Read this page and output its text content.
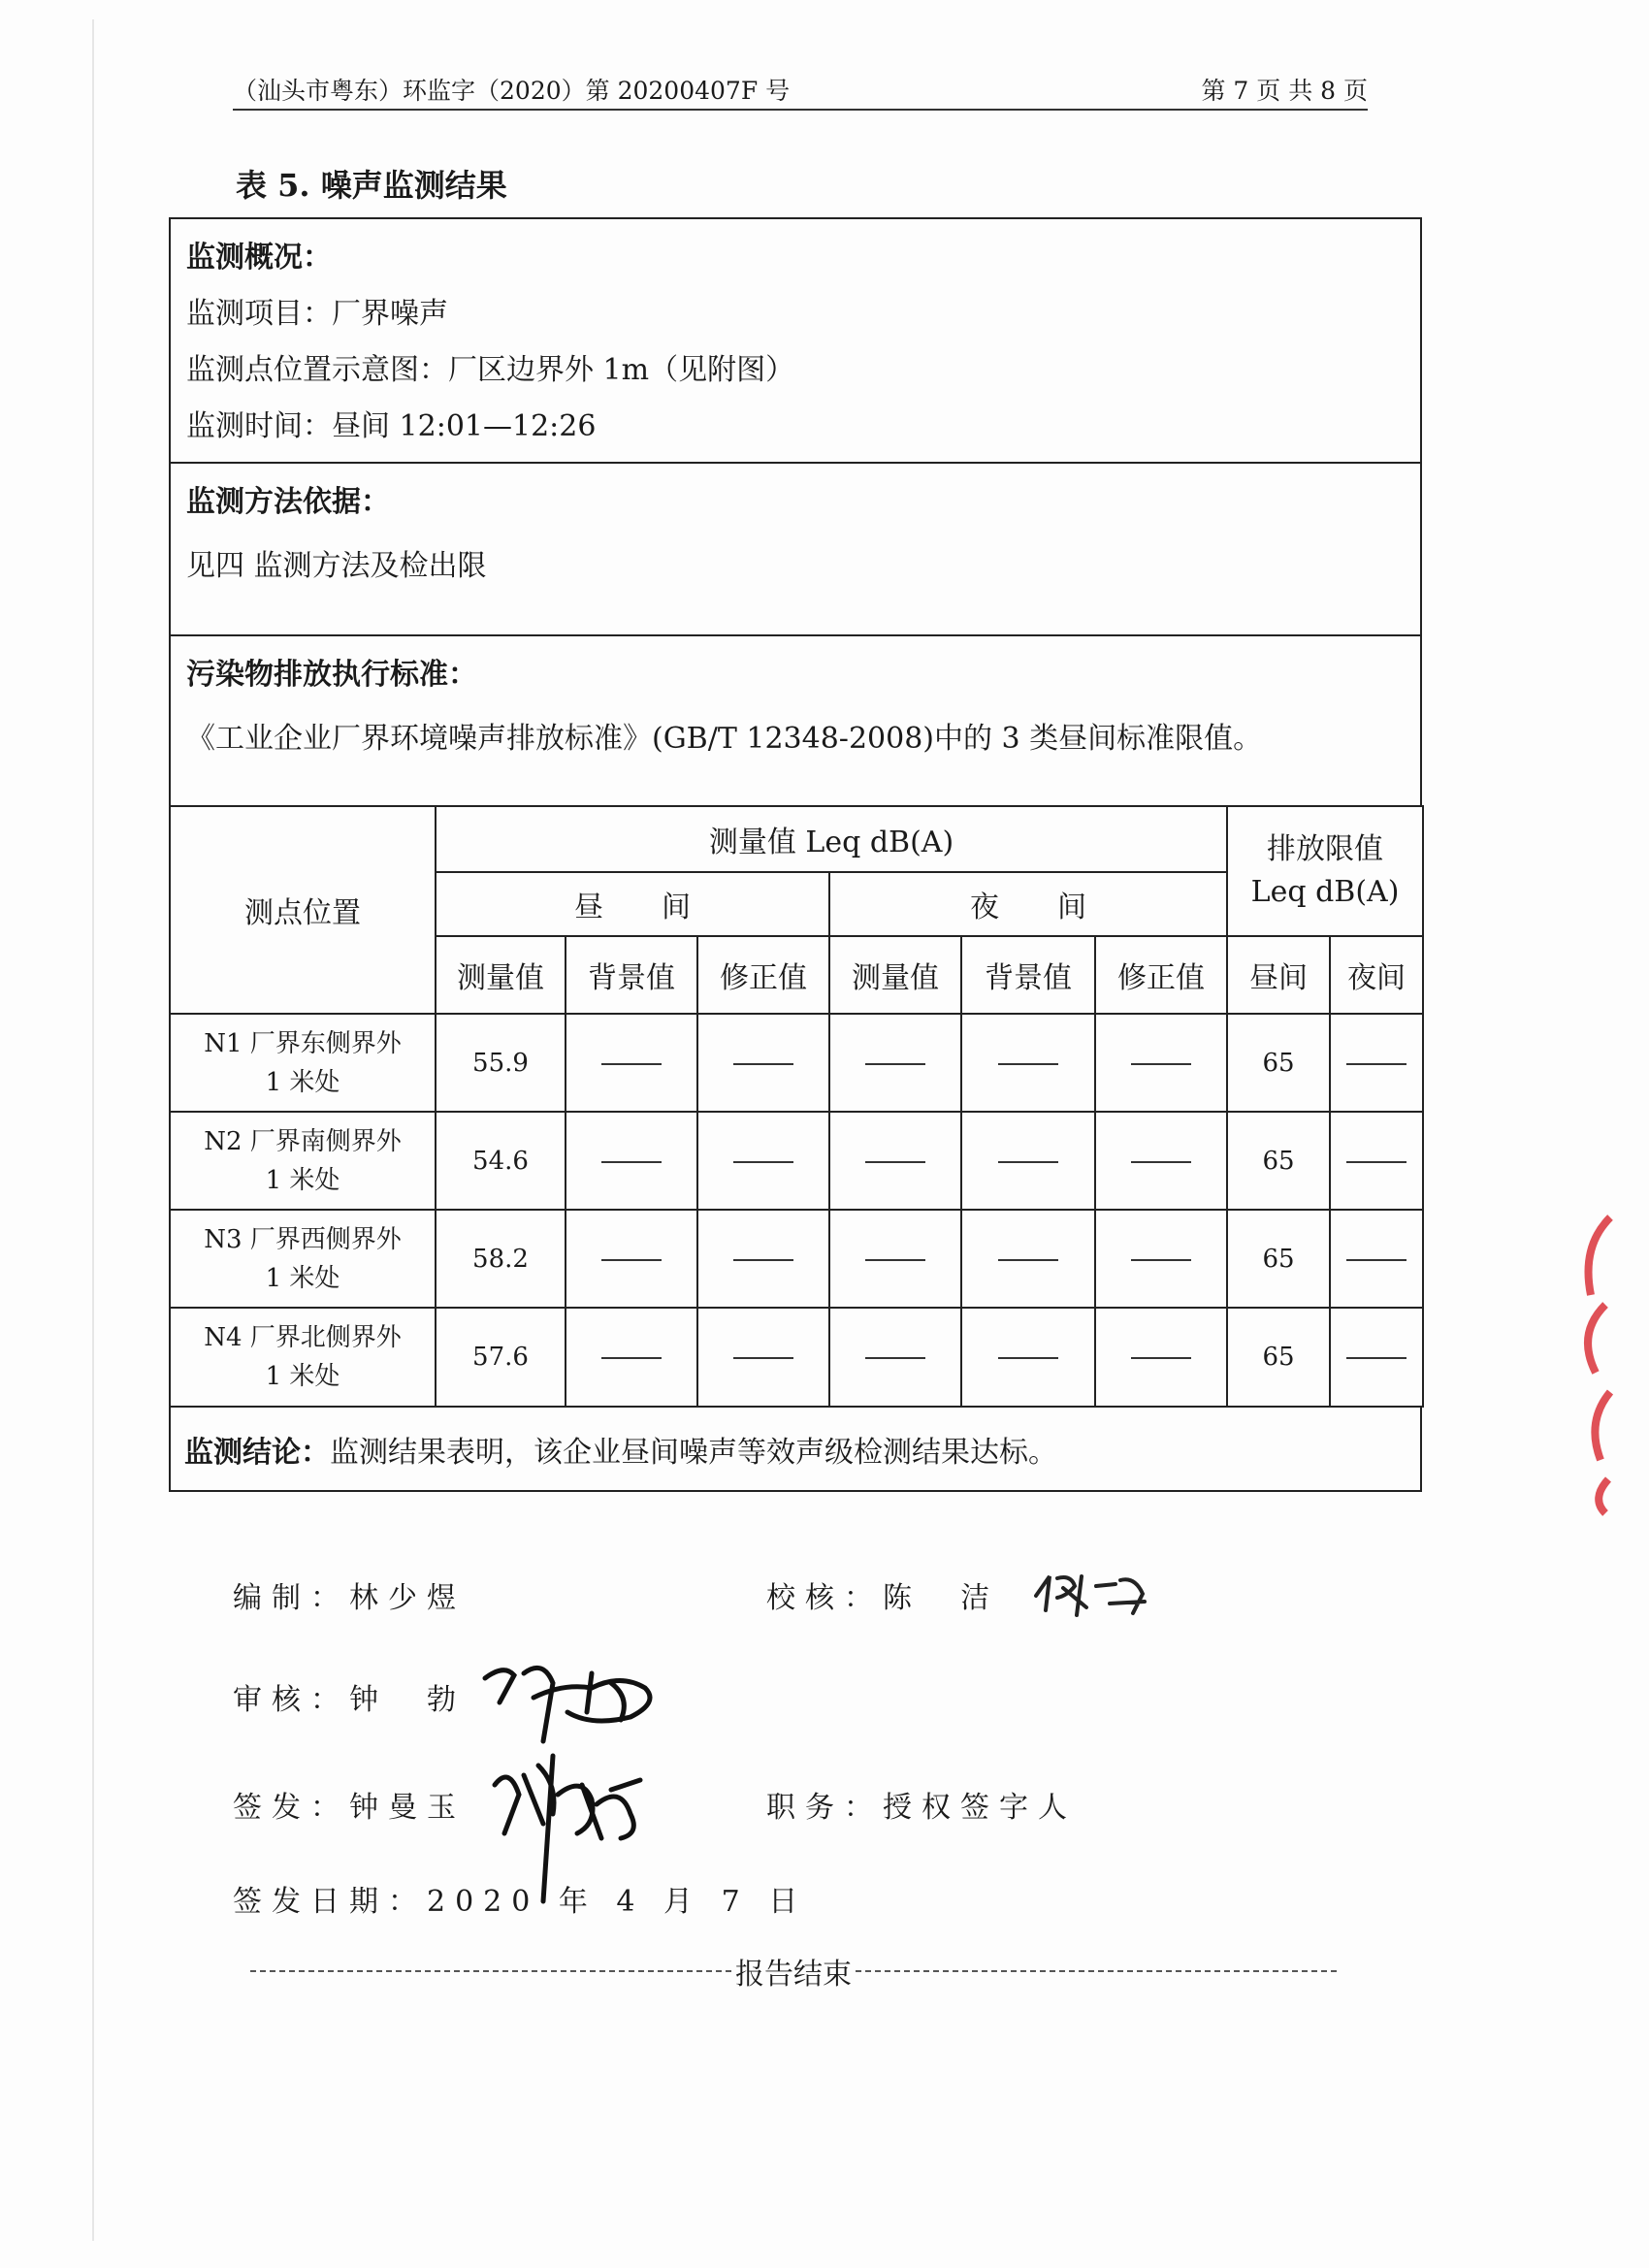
（汕头市粤东）环监字（2020）第 20200407F 号	第 7 页 共 8 页
表 5. 噪声监测结果
监测概况：
监测项目：厂界噪声
监测点位置示意图：厂区边界外 1m（见附图）
监测时间：昼间 12:01—12:26
监测方法依据：
见四 监测方法及检出限
污染物排放执行标准：
《工业企业厂界环境噪声排放标准》(GB/T 12348-2008)中的 3 类昼间标准限值。
测点位置	测量值 Leq dB(A)						排放限值
Leq dB(A)	

	昼　　间			夜　　间				
	测量值	背景值	修正值	测量值	背景值	修正值	昼间	夜间

N1 厂界东侧界外
1 米处	55.9						65	

N2 厂界南侧界外
1 米处	54.6						65	

N3 厂界西侧界外
1 米处	58.2						65	

N4 厂界北侧界外
1 米处	57.6						65	
监测结论：监测结果表明，该企业昼间噪声等效声级检测结果达标。
编制：林少煜	校核：陈　洁
审核：钟　勃
签发：钟曼玉	职务：授权签字人
签发日期：2020 年 4 月 7 日
报告结束
